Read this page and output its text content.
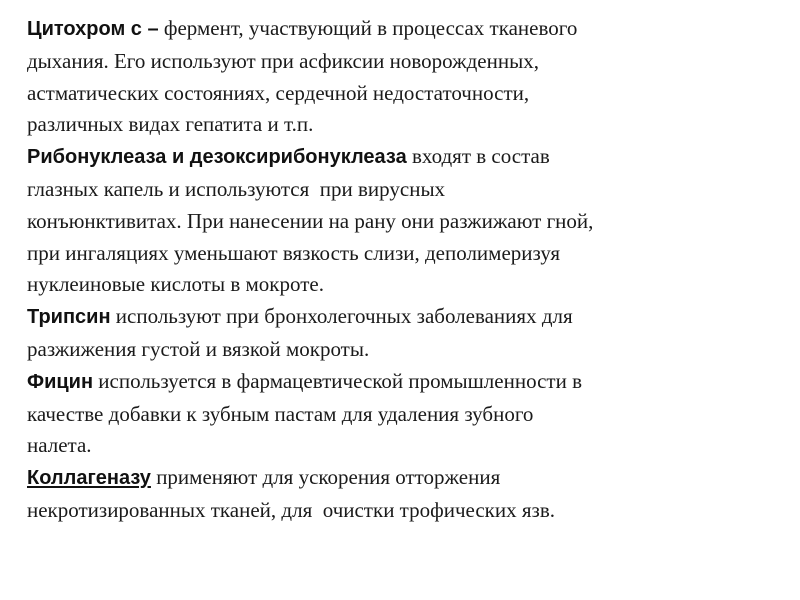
Цитохром с – фермент, участвующий в процессах тканевого
дыхания. Его используют при асфиксии новорожденных,
астматических состояниях, сердечной недостаточности,
различных видах гепатита и т.п.
Рибонуклеаза и дезоксирибонуклеаза входят в состав
глазных капель и используются  при вирусных
конъюнктивитах. При нанесении на рану они разжижают гной,
при ингаляциях уменьшают вязкость слизи, деполимеризуя
нуклеиновые кислоты в мокроте.
Трипсин используют при бронхолегочных заболеваниях для
разжижения густой и вязкой мокроты.
Фицин используется в фармацевтической промышленности в
качестве добавки к зубным пастам для удаления зубного
налета.
Коллагеназу применяют для ускорения отторжения
некротизированных тканей, для  очистки трофических язв.
